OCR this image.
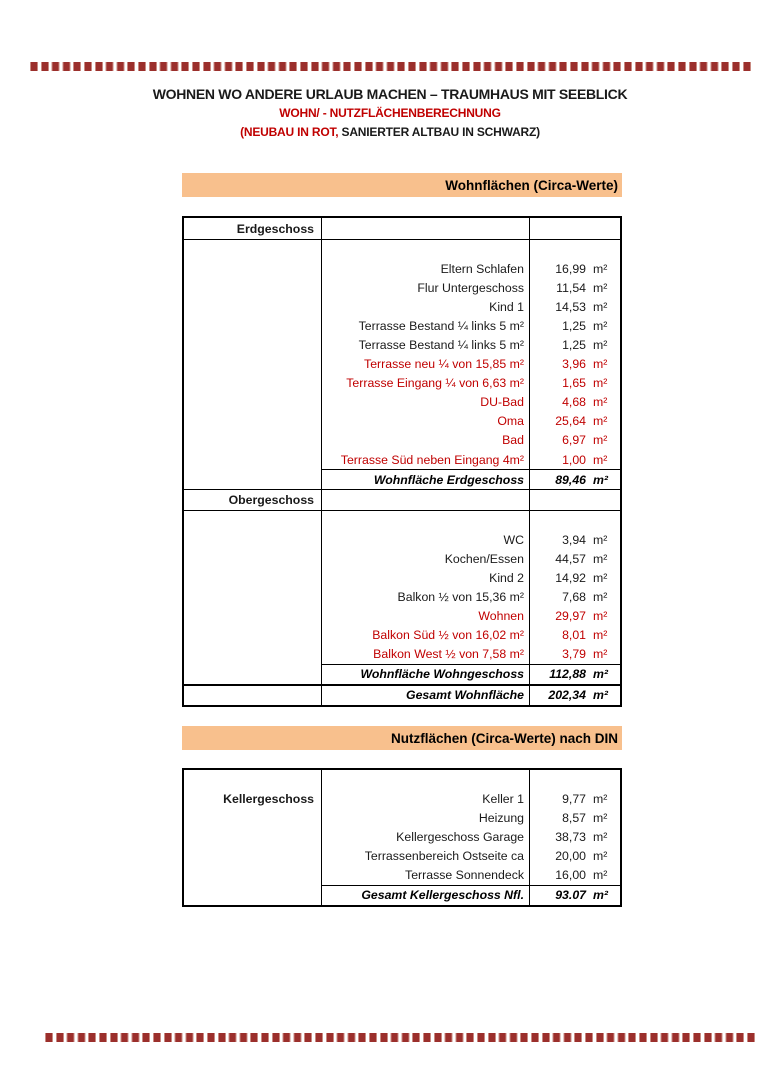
WOHNEN WO ANDERE URLAUB MACHEN – TRAUMHAUS MIT SEEBLICK
WOHN/ - NUTZFLÄCHENBERECHNUNG
(NEUBAU IN ROT, SANIERTER ALTBAU IN SCHWARZ)
Wohnflächen (Circa-Werte)
Erdgeschoss
Eltern Schlafen	16,99 m²
Flur Untergeschoss	11,54 m²
Kind 1	14,53 m²
Terrasse Bestand ¼ links 5 m²	1,25 m²
Terrasse Bestand ¼ links 5 m²	1,25 m²
Terrasse neu ¼ von 15,85 m²	3,96 m²
Terrasse Eingang ¼ von 6,63 m²	1,65 m²
DU-Bad	4,68 m²
Oma	25,64 m²
Bad	6,97 m²
Terrasse Süd neben Eingang 4m²	1,00 m²
Wohnfläche Erdgeschoss	89,46 m²
Obergeschoss
WC	3,94 m²
Kochen/Essen	44,57 m²
Kind 2	14,92 m²
Balkon ½ von 15,36 m²	7,68 m²
Wohnen	29,97 m²
Balkon Süd ½ von 16,02 m²	8,01 m²
Balkon West ½ von 7,58 m²	3,79 m²
Wohnfläche Wohngeschoss	112,88 m²
Gesamt Wohnfläche	202,34 m²
Nutzflächen (Circa-Werte) nach DIN
Kellergeschoss	Keller 1	9,77 m²
Heizung	8,57 m²
Kellergeschoss Garage	38,73 m²
Terrassenbereich Ostseite ca	20,00 m²
Terrasse Sonnendeck	16,00 m²
Gesamt Kellergeschoss Nfl.	93.07 m²
